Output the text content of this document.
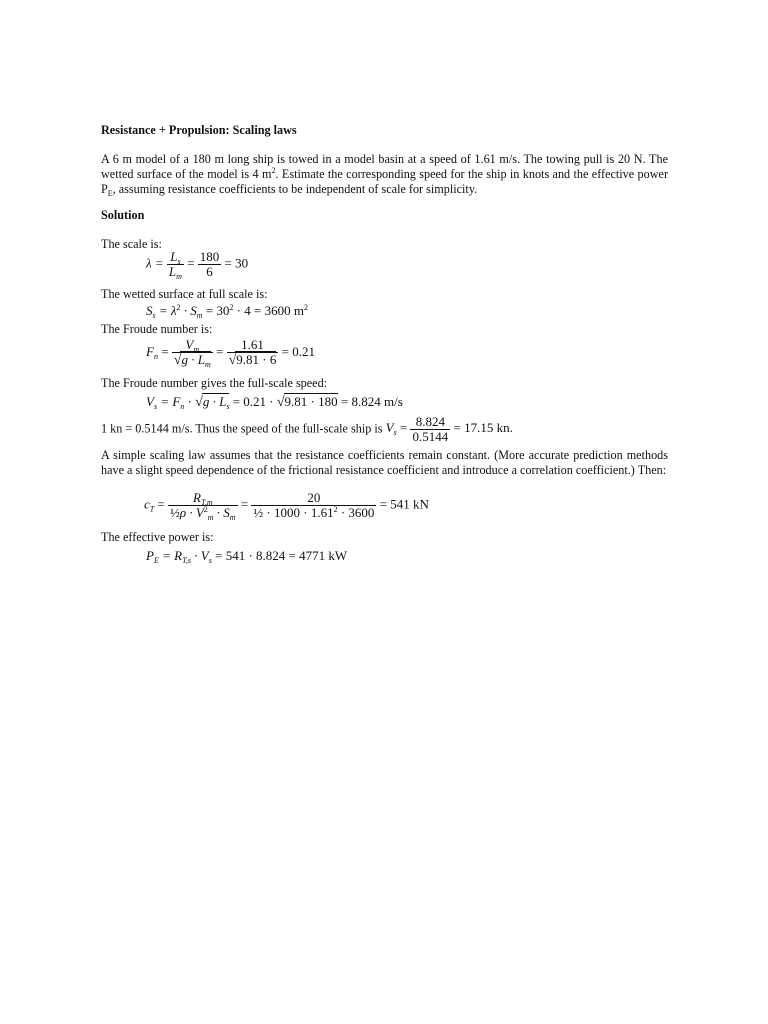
Resistance + Propulsion: Scaling laws
A 6 m model of a 180 m long ship is towed in a model basin at a speed of 1.61 m/s. The towing pull is 20 N. The wetted surface of the model is 4 $m^2$. Estimate the corresponding speed for the ship in knots and the effective power $P_E$, assuming resistance coefficients to be independent of scale for simplicity.
Solution
The scale is:
$\lambda = \frac{L_s}{L_m} = \frac{180}{6} = 30$
The wetted surface at full scale is:
$S_s = \lambda^2 \cdot S_m = 30^2 \cdot 4 = 3600$ $m^2$
The Froude number is:
$F_n = \frac{V_m}{√g \cdot L_m} = \frac{1.61}{√9.81 \cdot 6} = 0.21$
The Froude number gives the full-scale speed:
$V_s = F_n \cdot √g \cdot L_s = 0.21 \cdot √9.81 \cdot 180 = 8.824$ m/s
1 kn = 0.5144 m/s. Thus the speed of the full-scale ship is $V_s = \frac{8.824}{0.5144} = 17.15$ kn.
A simple scaling law assumes that the resistance coefficients remain constant. (More accurate prediction methods have a slight speed dependence of the frictional resistance coefficient and introduce a correlation coefficient.) Then:
$c_T = \frac{R_{T,m}}{\frac{1}{2}\rho \cdot V^2_m \cdot S_m} = \frac{20}{\frac{1}{2} \cdot 1000 \cdot 1.61^2 \cdot 3600} = 541$ kN
The effective power is:
$P_E = R_{T,s} \cdot V_s = 541 \cdot 8.824 = 4771$ kW
